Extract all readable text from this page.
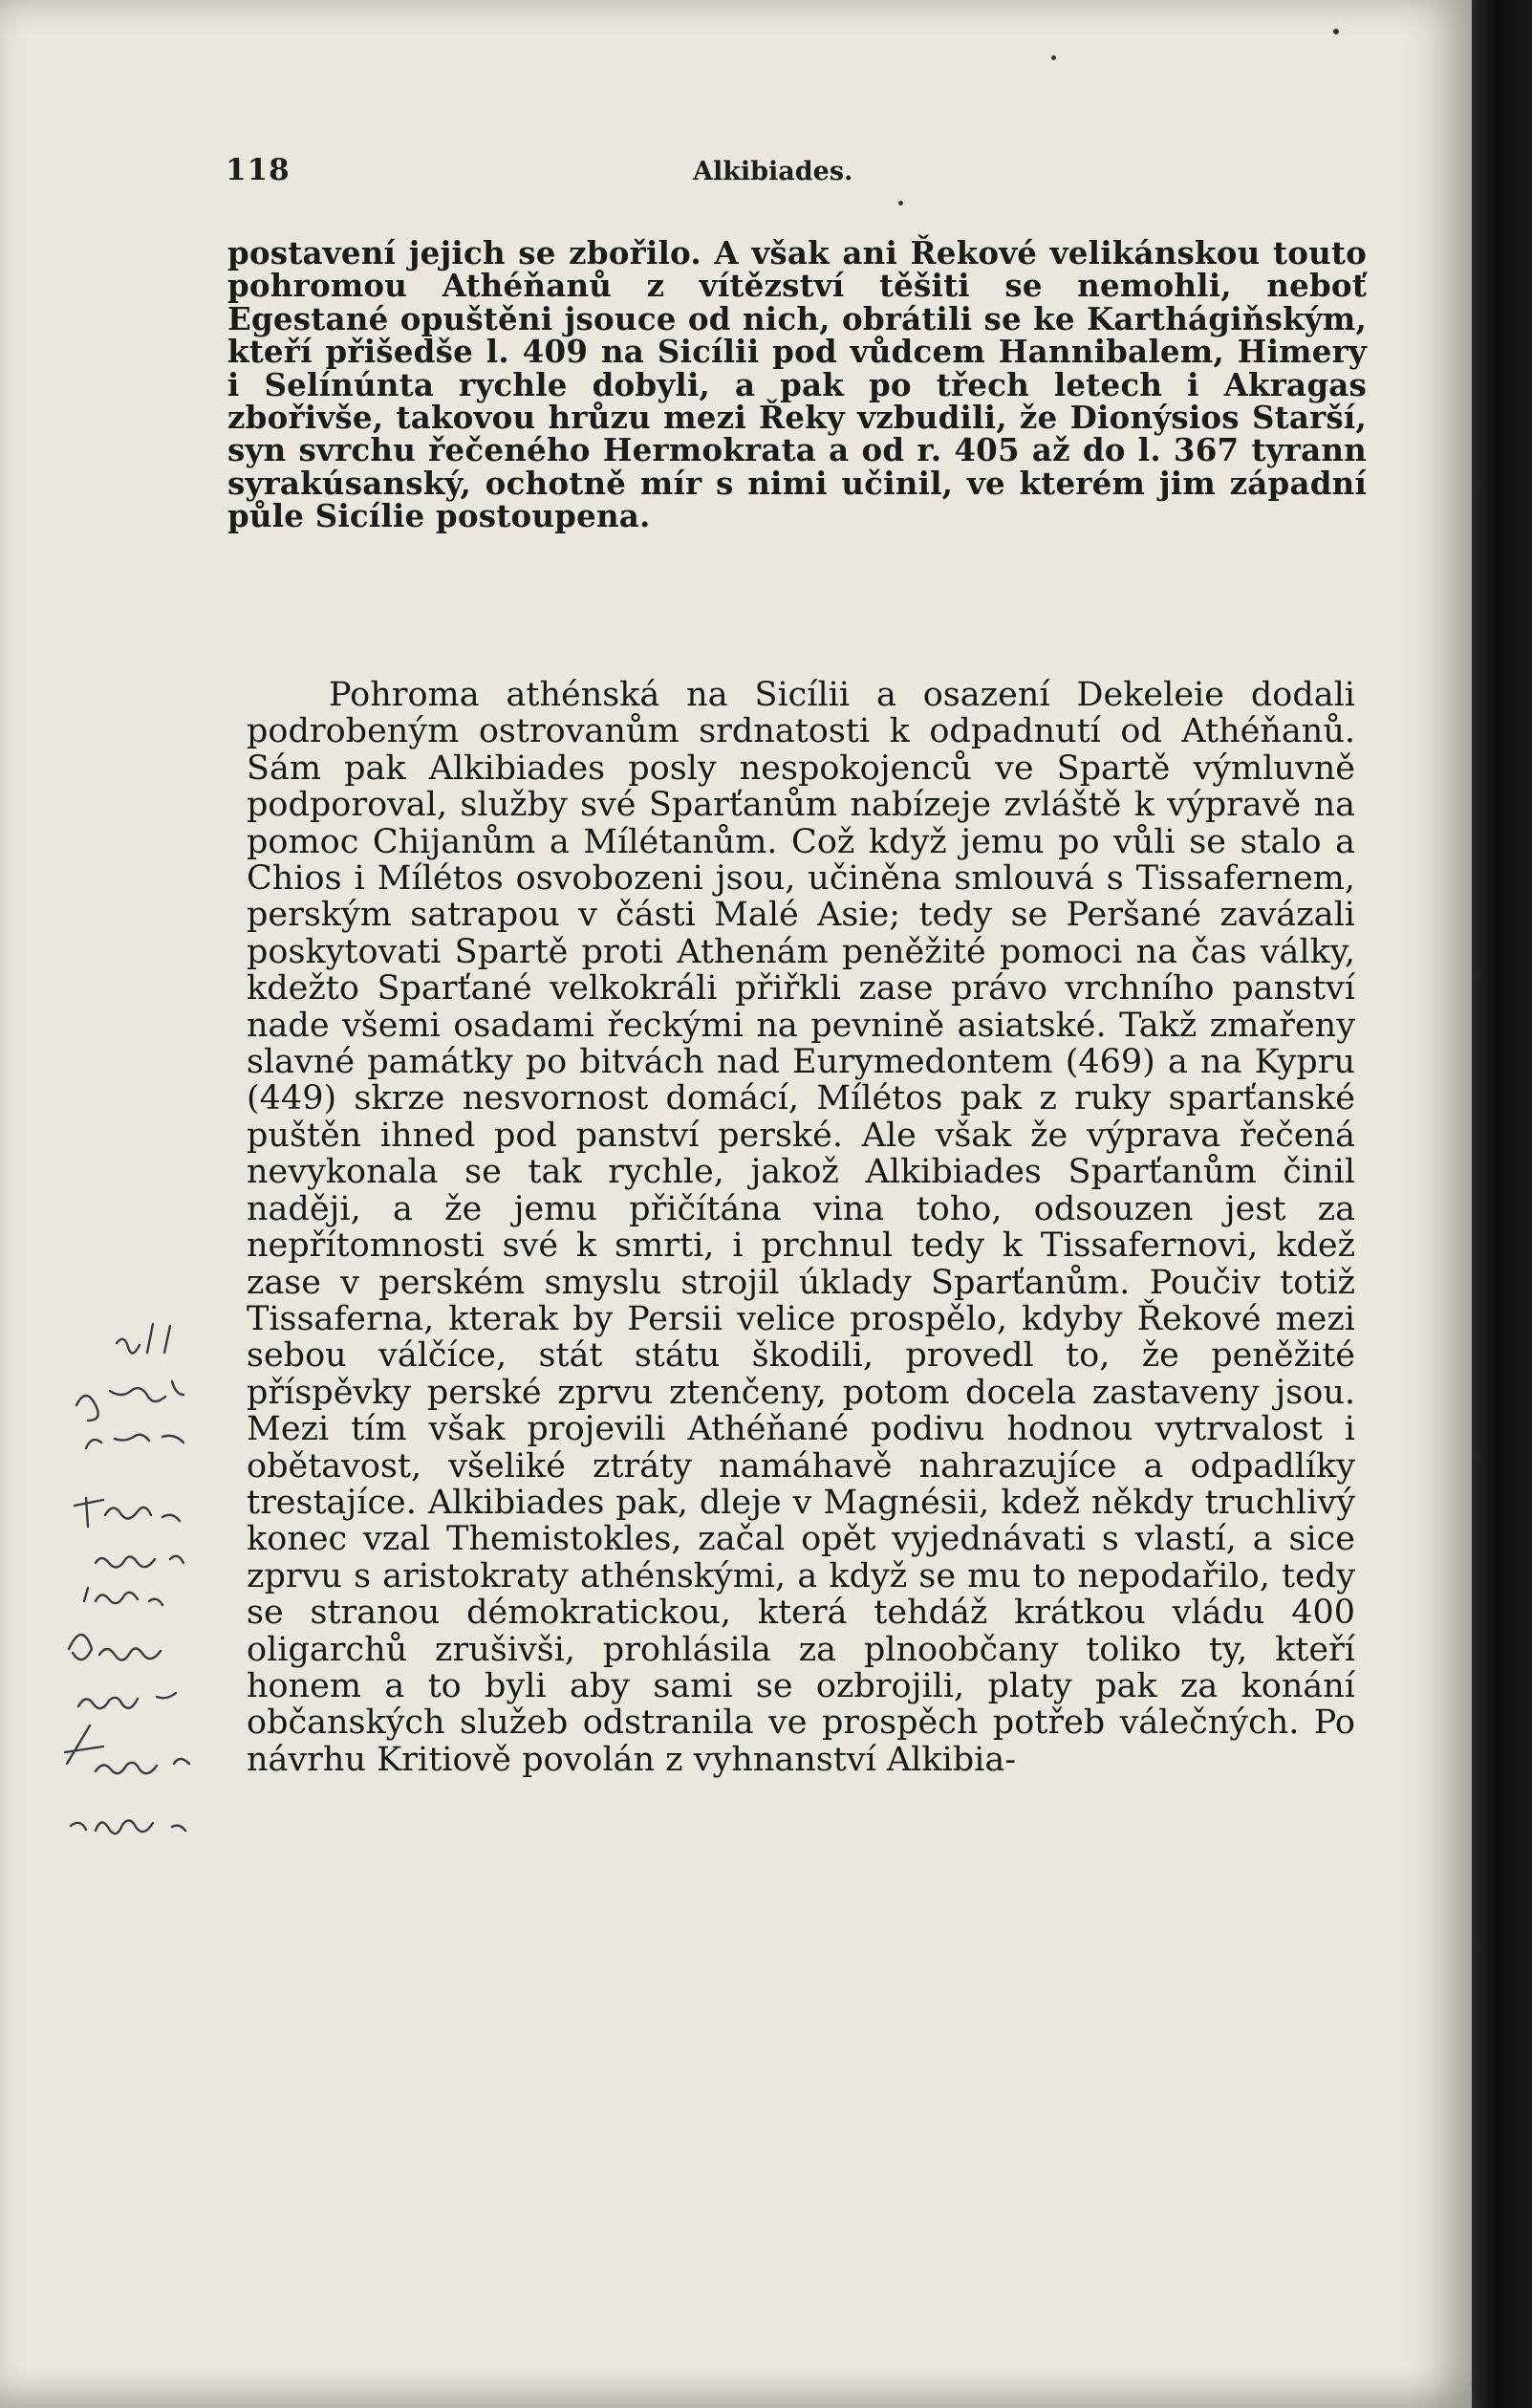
118	Alkibiades.

postavení jejich se zbořilo. A však ani Řekové velikánskou touto pohromou Athéňanů z vítězství těšiti se nemohli, neboť Egestané opuštěni jsouce od nich, obrátili se ke Karthágiňským, kteří přišedše l. 409 na Sicílii pod vůdcem Hannibalem, Himery i Selínúnta rychle dobyli, a pak po třech letech i Akragas zbořivše, takovou hrůzu mezi Řeky vzbudili, že Dionýsios Starší, syn svrchu řečeného Hermokrata a od r. 405 až do l. 367 tyrann syrakúsanský, ochotně mír s nimi učinil, ve kterém jim západní půle Sicílie postoupena.

Pohroma athénská na Sicílii a osazení Dekeleie dodali podrobeným ostrovanům srdnatosti k odpadnutí od Athéňanů. Sám pak Alkibiades posly nespokojenců ve Spartě výmluvně podporoval, služby své Sparťanům nabízeje zvláště k výpravě na pomoc Chijanům a Mílétanům. Což když jemu po vůli se stalo a Chios i Mílétos osvobozeni jsou, učiněna smlouvá s Tissafernem, perským satrapou v části Malé Asie; tedy se Peršané zavázali poskytovati Spartě proti Athenám peněžité pomoci na čas války, kdežto Sparťané velkokráli přiřkli zase právo vrchního panství nade všemi osadami řeckými na pevnině asiatské. Takž zmařeny slavné památky po bitvách nad Eurymedontem (469) a na Kypru (449) skrze nesvornost domácí, Mílétos pak z ruky sparťanské puštěn ihned pod panství perské. Ale však že výprava řečená nevykonala se tak rychle, jakož Alkibiades Sparťanům činil naději, a že jemu přičítána vina toho, odsouzen jest za nepřítomnosti své k smrti, i prchnul tedy k Tissafernovi, kdež zase v perském smyslu strojil úklady Sparťanům. Poučiv totiž Tissaferna, kterak by Persii velice prospělo, kdyby Řekové mezi sebou válčíce, stát státu škodili, provedl to, že peněžité příspěvky perské zprvu ztenčeny, potom docela zastaveny jsou. Mezi tím však projevili Athéňané podivu hodnou vytrvalost i obětavost, všeliké ztráty namáhavě nahrazujíce a odpadlíky trestajíce. Alkibiades pak, dleje v Magnésii, kdež někdy truchlivý konec vzal Themistokles, začal opět vyjednávati s vlastí, a sice zprvu s aristokraty athénskými, a když se mu to nepodařilo, tedy se stranou démokratickou, která tehdáž krátkou vládu 400 oligarchů zrušivši, prohlásila za plnoobčany toliko ty, kteří honem a to byli aby sami se ozbrojili, platy pak za konání občanských služeb odstranila ve prospěch potřeb válečných. Po návrhu Kritiově povolán z vyhnanství Alkibia-
